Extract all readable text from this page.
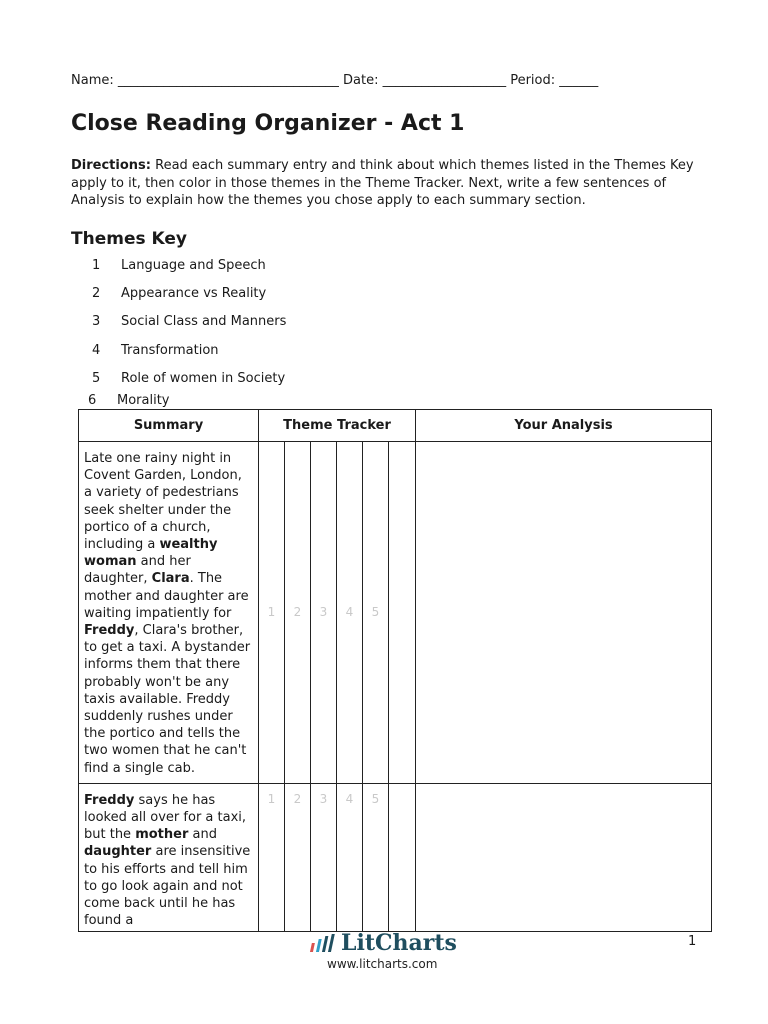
Name: __________________________________ Date: ___________________ Period: ______
Close Reading Organizer - Act 1
Directions: Read each summary entry and think about which themes listed in the Themes Key apply to it, then color in those themes in the Theme Tracker. Next, write a few sentences of Analysis to explain how the themes you chose apply to each summary section.
Themes Key
1 Language and Speech
2 Appearance vs Reality
3 Social Class and Manners
4 Transformation
5 Role of women in Society
6 Morality
Summary	Theme Tracker						Your Analysis
Late one rainy night in Covent Garden, London, a variety of pedestrians seek shelter under the portico of a church, including a wealthy woman and her daughter, Clara. The mother and daughter are waiting impatiently for Freddy, Clara's brother, to get a taxi. A bystander informs them that there probably won't be any taxis available. Freddy suddenly rushes under the portico and tells the two women that he can't find a single cab.	1	2	3	4	5		

Freddy says he has looked all over for a taxi, but the mother and daughter are insensitive to his efforts and tell him to go look again and not come back until he has found a	1	2	3	4	5		
LitCharts
www.litcharts.com
1
